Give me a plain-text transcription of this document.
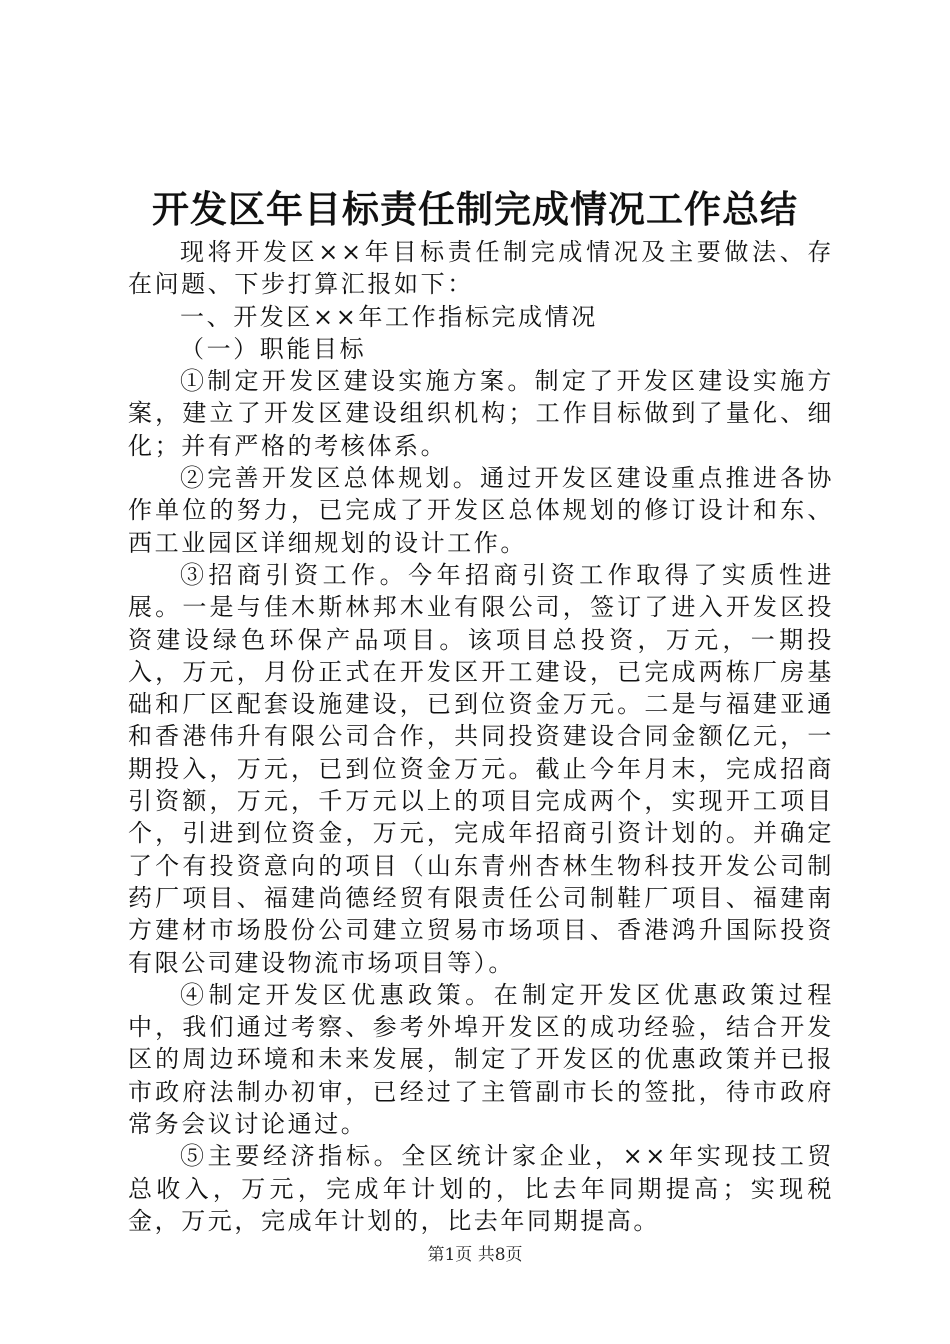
开发区年目标责任制完成情况工作总结

现将开发区××年目标责任制完成情况及主要做法、存在问题、下步打算汇报如下：

一、开发区××年工作指标完成情况

（一）职能目标

①制定开发区建设实施方案。制定了开发区建设实施方案，建立了开发区建设组织机构；工作目标做到了量化、细化；并有严格的考核体系。

②完善开发区总体规划。通过开发区建设重点推进各协作单位的努力，已完成了开发区总体规划的修订设计和东、西工业园区详细规划的设计工作。

③招商引资工作。今年招商引资工作取得了实质性进展。一是与佳木斯林邦木业有限公司，签订了进入开发区投资建设绿色环保产品项目。该项目总投资，万元，一期投入，万元，月份正式在开发区开工建设，已完成两栋厂房基础和厂区配套设施建设，已到位资金万元。二是与福建亚通和香港伟升有限公司合作，共同投资建设合同金额亿元，一期投入，万元，已到位资金万元。截止今年月末，完成招商引资额，万元，千万元以上的项目完成两个，实现开工项目个，引进到位资金，万元，完成年招商引资计划的。并确定了个有投资意向的项目（山东青州杏林生物科技开发公司制药厂项目、福建尚德经贸有限责任公司制鞋厂项目、福建南方建材市场股份公司建立贸易市场项目、香港鸿升国际投资有限公司建设物流市场项目等）。

④制定开发区优惠政策。在制定开发区优惠政策过程中，我们通过考察、参考外埠开发区的成功经验，结合开发区的周边环境和未来发展，制定了开发区的优惠政策并已报市政府法制办初审，已经过了主管副市长的签批，待市政府常务会议讨论通过。

⑤主要经济指标。全区统计家企业，××年实现技工贸总收入，万元，完成年计划的，比去年同期提高；实现税金，万元，完成年计划的，比去年同期提高。

第1页 共8页
